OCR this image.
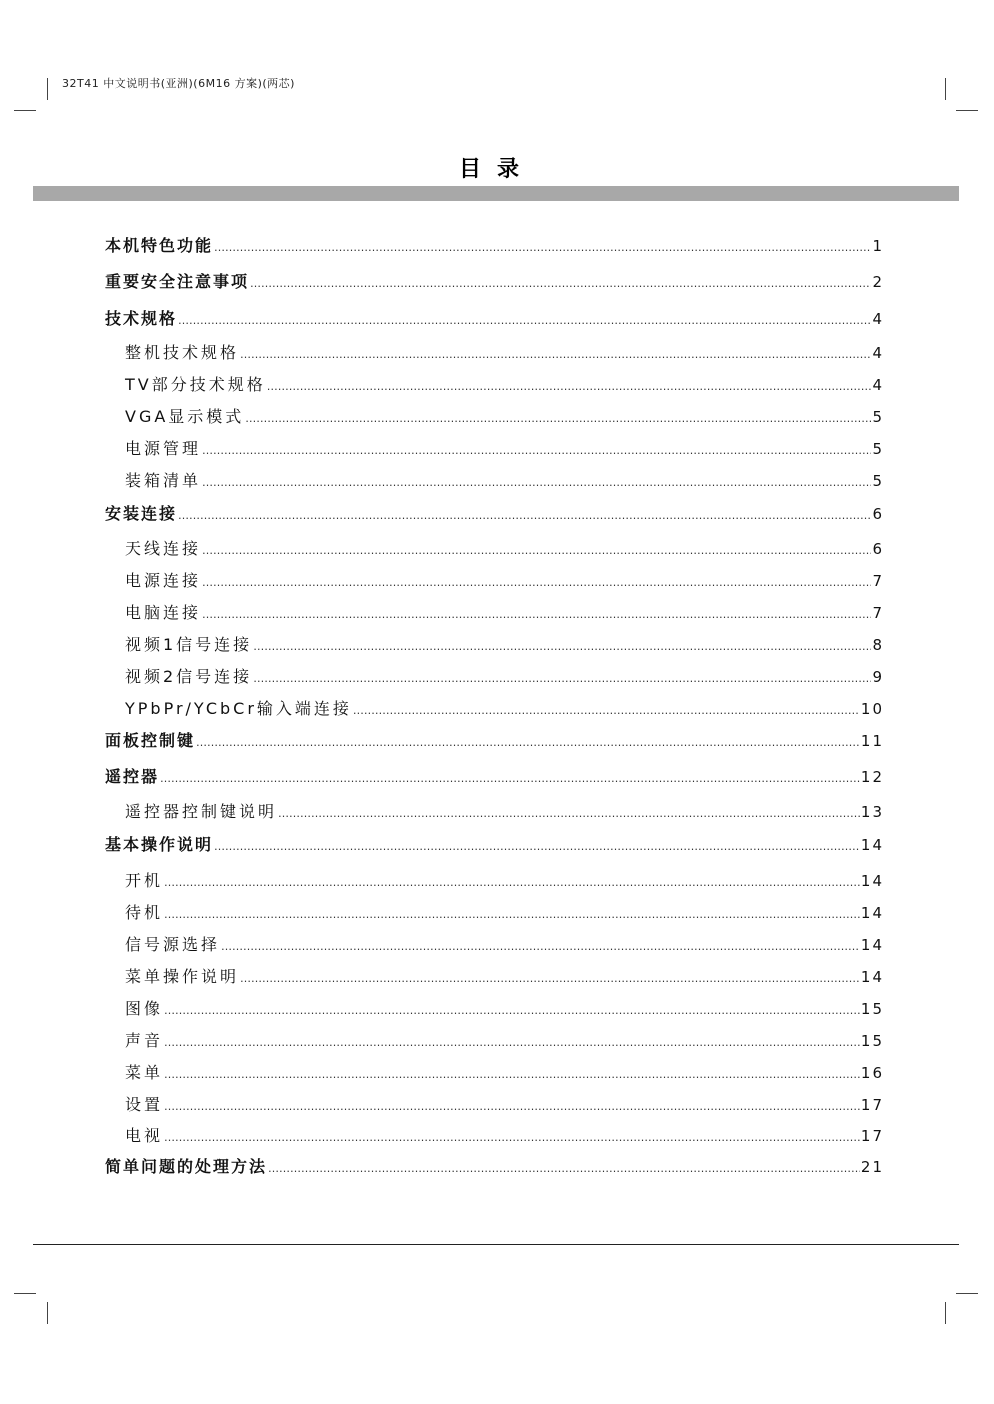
32T41 中文说明书(亚洲)(6M16 方案)(两芯)
目录
本机特色功能 …………………………………………………………………………………………………………………………………………………………………………………………………………………………	1
重要安全注意事项 …………………………………………………………………………………………………………………………………………………………………………………………………………………………	2
技术规格 …………………………………………………………………………………………………………………………………………………………………………………………………………………………	4
整机技术规格 …………………………………………………………………………………………………………………………………………………………………………………………………………………………	4
TV部分技术规格 …………………………………………………………………………………………………………………………………………………………………………………………………………………………	4
VGA显示模式 …………………………………………………………………………………………………………………………………………………………………………………………………………………………	5
电源管理 …………………………………………………………………………………………………………………………………………………………………………………………………………………………	5
装箱清单 …………………………………………………………………………………………………………………………………………………………………………………………………………………………	5
安装连接 …………………………………………………………………………………………………………………………………………………………………………………………………………………………	6
天线连接 …………………………………………………………………………………………………………………………………………………………………………………………………………………………	6
电源连接 …………………………………………………………………………………………………………………………………………………………………………………………………………………………	7
电脑连接 …………………………………………………………………………………………………………………………………………………………………………………………………………………………	7
视频1信号连接 …………………………………………………………………………………………………………………………………………………………………………………………………………………………	8
视频2信号连接 …………………………………………………………………………………………………………………………………………………………………………………………………………………………	9
YPbPr/YCbCr输入端连接 …………………………………………………………………………………………………………………………………………………………………………………………………………………………	10
面板控制键 …………………………………………………………………………………………………………………………………………………………………………………………………………………………	11
遥控器 …………………………………………………………………………………………………………………………………………………………………………………………………………………………	12
遥控器控制键说明 …………………………………………………………………………………………………………………………………………………………………………………………………………………………	13
基本操作说明 …………………………………………………………………………………………………………………………………………………………………………………………………………………………	14
开机 …………………………………………………………………………………………………………………………………………………………………………………………………………………………	14
待机 …………………………………………………………………………………………………………………………………………………………………………………………………………………………	14
信号源选择 …………………………………………………………………………………………………………………………………………………………………………………………………………………………	14
菜单操作说明 …………………………………………………………………………………………………………………………………………………………………………………………………………………………	14
图像 …………………………………………………………………………………………………………………………………………………………………………………………………………………………	15
声音 …………………………………………………………………………………………………………………………………………………………………………………………………………………………	15
菜单 …………………………………………………………………………………………………………………………………………………………………………………………………………………………	16
设置 …………………………………………………………………………………………………………………………………………………………………………………………………………………………	17
电视 …………………………………………………………………………………………………………………………………………………………………………………………………………………………	17
简单问题的处理方法 …………………………………………………………………………………………………………………………………………………………………………………………………………………………	21
